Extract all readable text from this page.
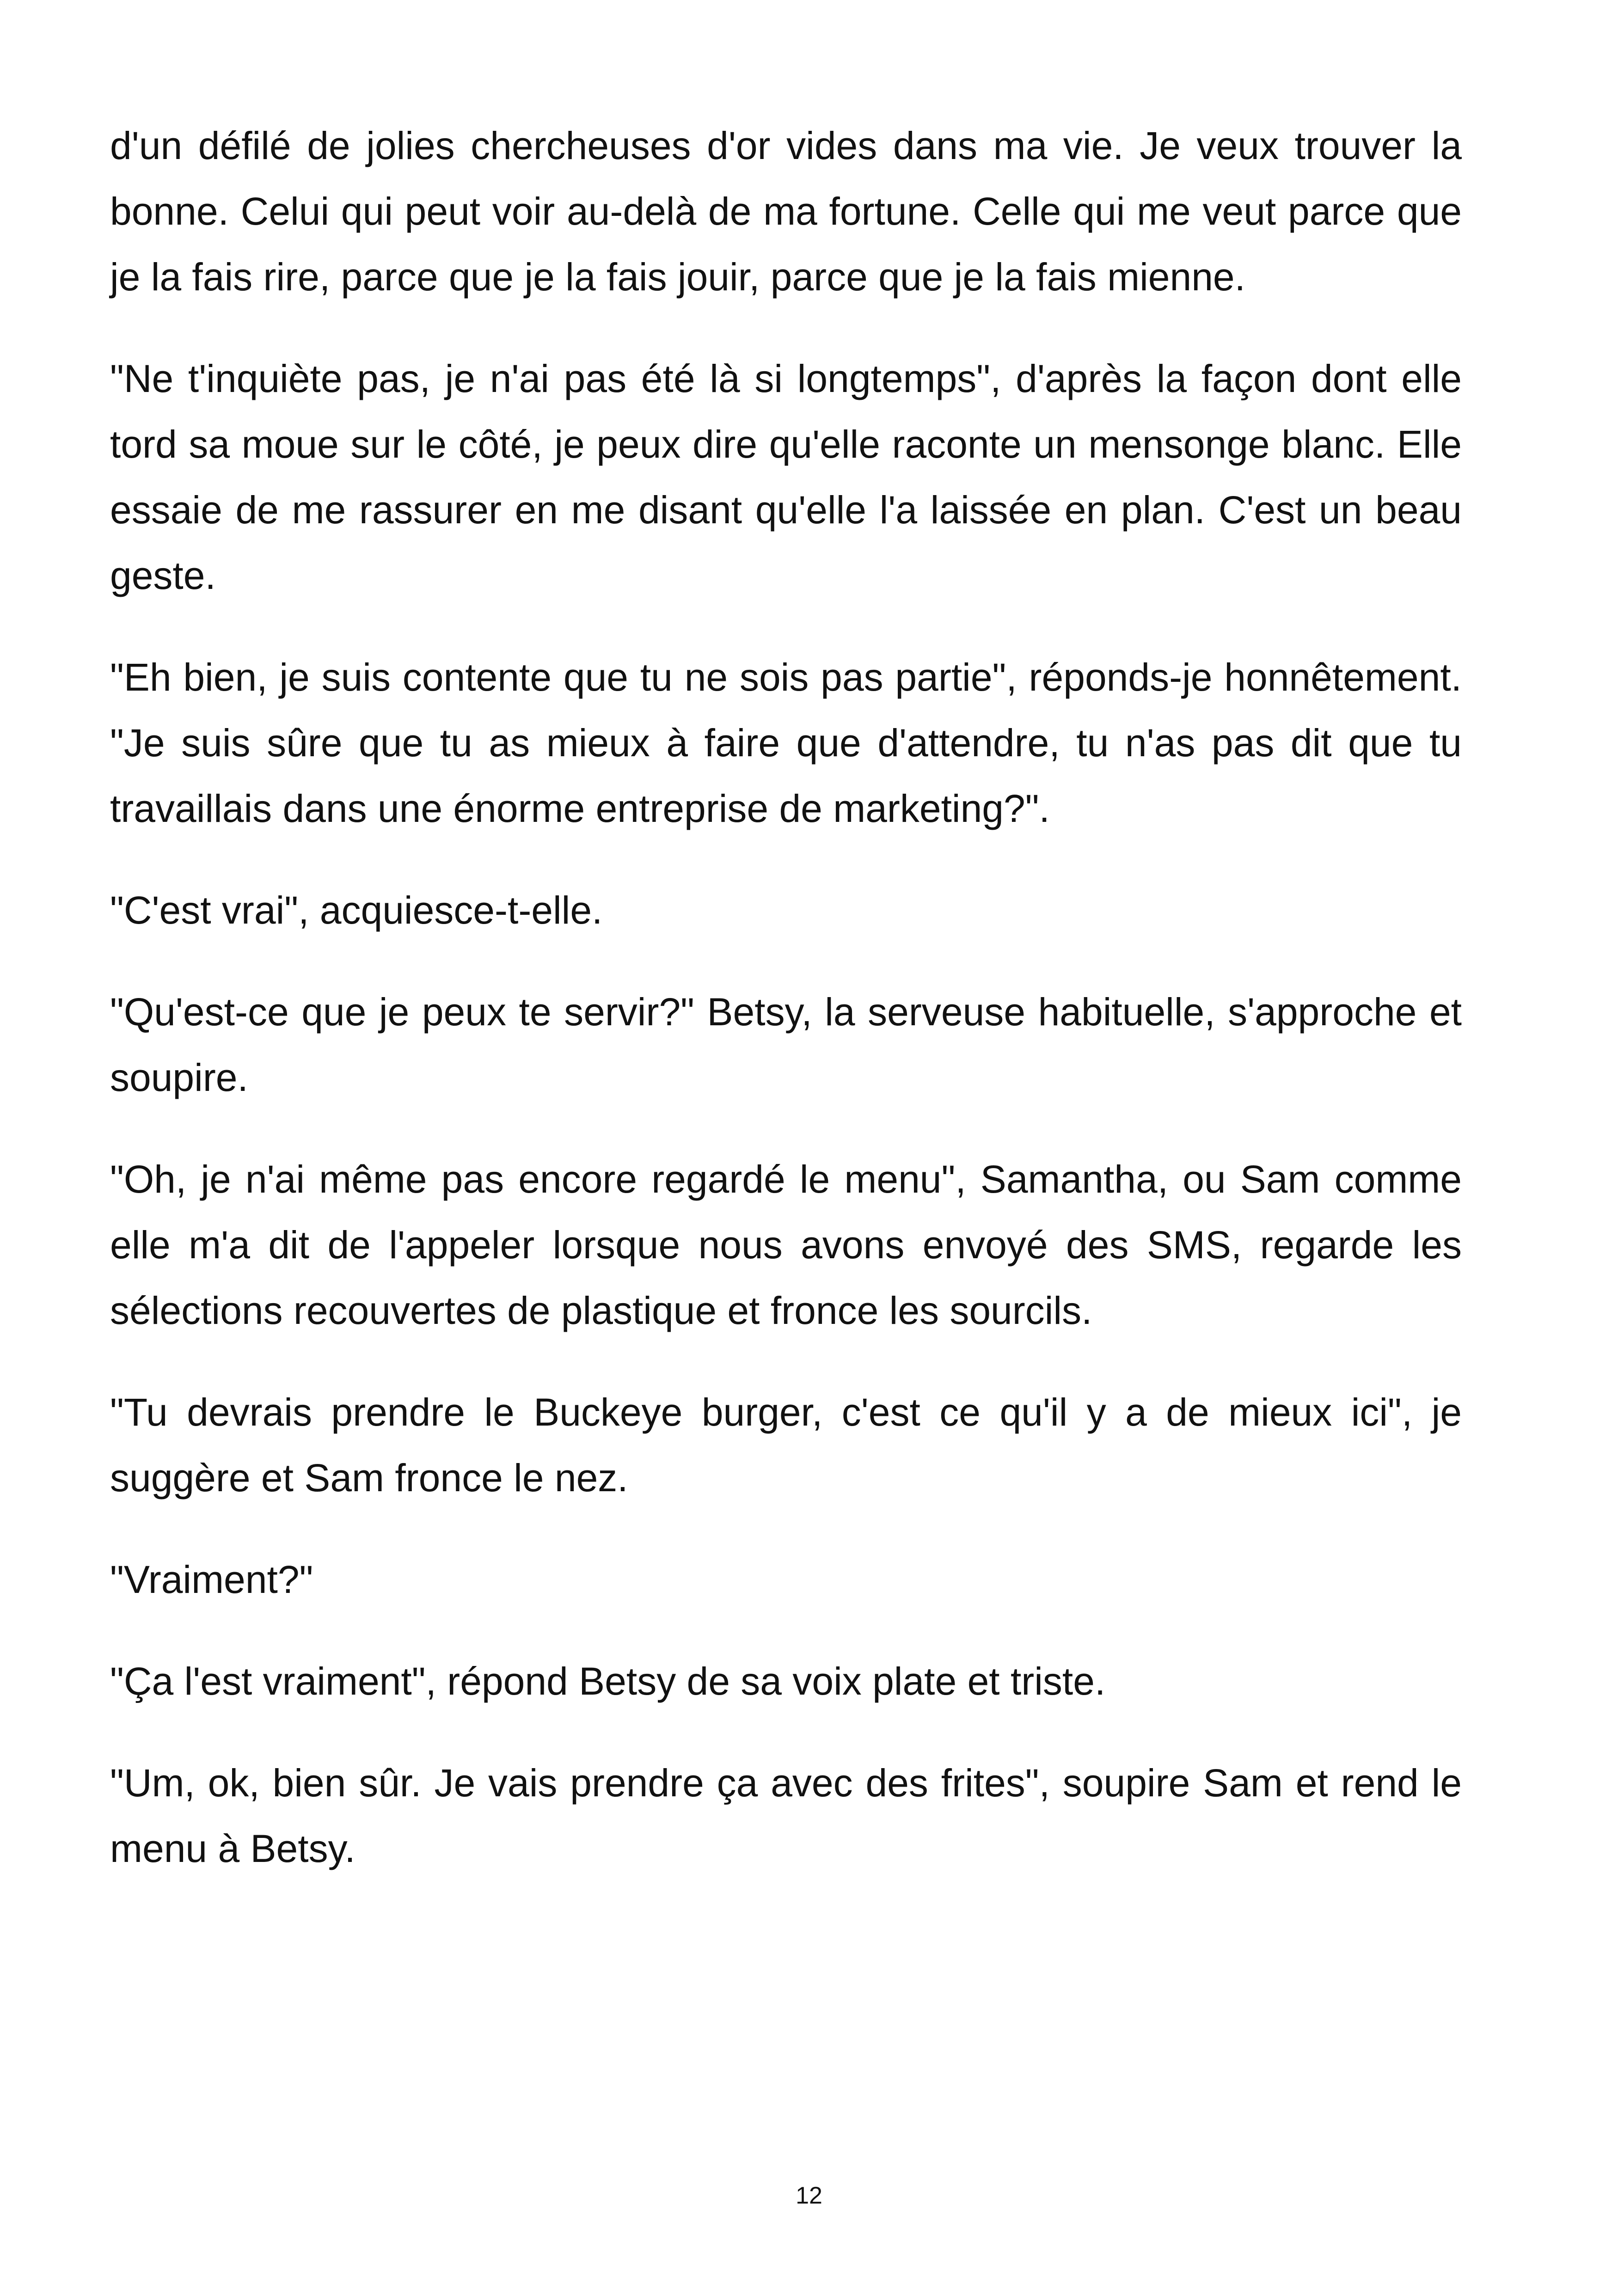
d'un défilé de jolies chercheuses d'or vides dans ma vie. Je veux trouver la bonne. Celui qui peut voir au-delà de ma fortune. Celle qui me veut parce que je la fais rire, parce que je la fais jouir, parce que je la fais mienne.

"Ne t'inquiète pas, je n'ai pas été là si longtemps", d'après la façon dont elle tord sa moue sur le côté, je peux dire qu'elle raconte un mensonge blanc. Elle essaie de me rassurer en me disant qu'elle l'a laissée en plan. C'est un beau geste.

"Eh bien, je suis contente que tu ne sois pas partie", réponds-je honnêtement. "Je suis sûre que tu as mieux à faire que d'attendre, tu n'as pas dit que tu travaillais dans une énorme entreprise de marketing?".

"C'est vrai", acquiesce-t-elle.

"Qu'est-ce que je peux te servir?" Betsy, la serveuse habituelle, s'approche et soupire.

"Oh, je n'ai même pas encore regardé le menu", Samantha, ou Sam comme elle m'a dit de l'appeler lorsque nous avons envoyé des SMS, regarde les sélections recouvertes de plastique et fronce les sourcils.

"Tu devrais prendre le Buckeye burger, c'est ce qu'il y a de mieux ici", je suggère et Sam fronce le nez.

"Vraiment?"

"Ça l'est vraiment", répond Betsy de sa voix plate et triste.

"Um, ok, bien sûr. Je vais prendre ça avec des frites", soupire Sam et rend le menu à Betsy.

12
